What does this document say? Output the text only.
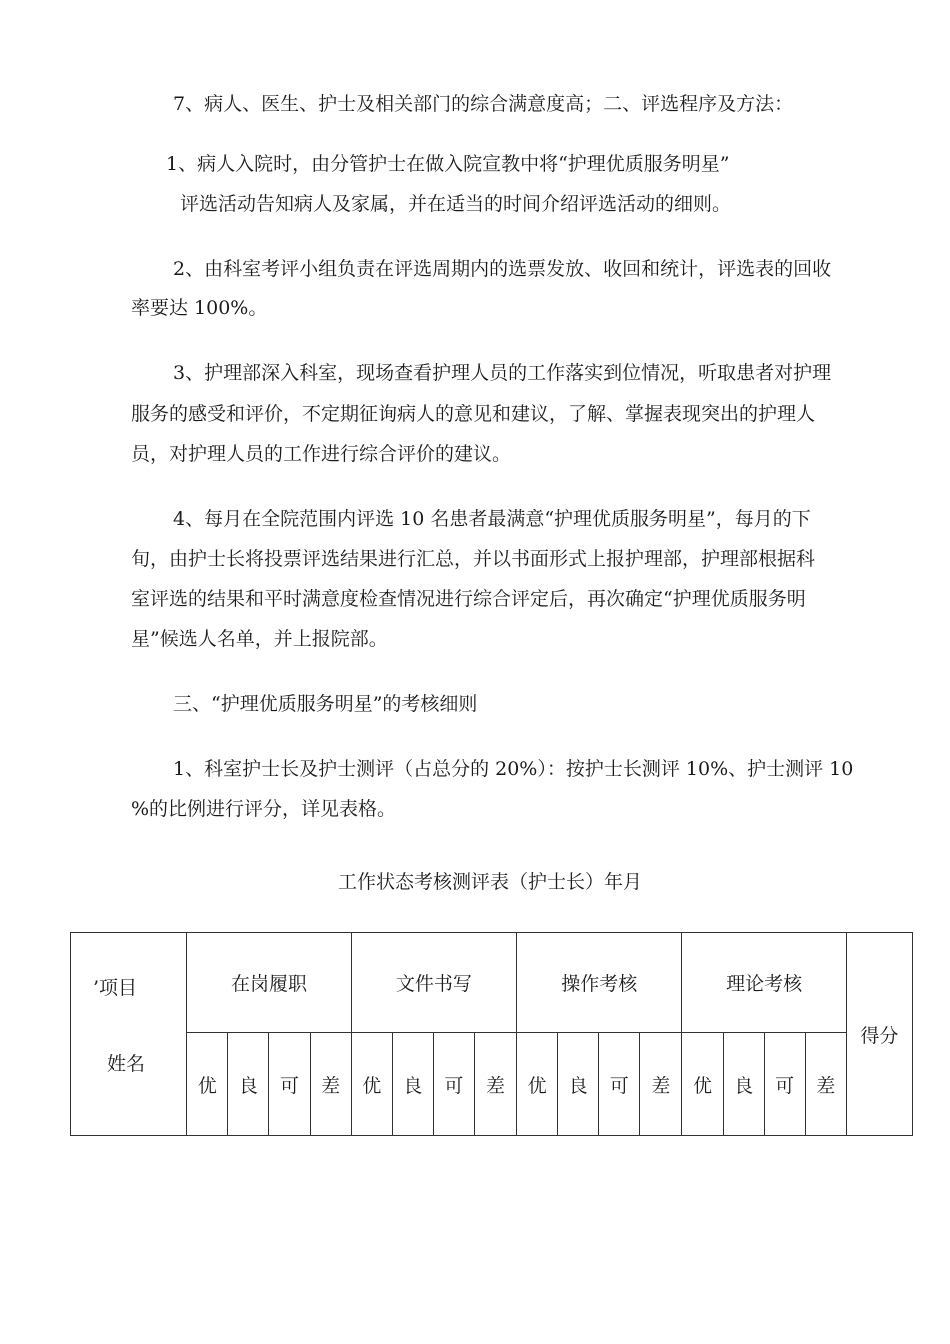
7、病人、医生、护士及相关部门的综合满意度高；二、评选程序及方法：
1、病人入院时，由分管护士在做入院宣教中将“护理优质服务明星”
评选活动告知病人及家属，并在适当的时间介绍评选活动的细则。
2、由科室考评小组负责在评选周期内的选票发放、收回和统计，评选表的回收
率要达 100%。
3、护理部深入科室，现场查看护理人员的工作落实到位情况，听取患者对护理
服务的感受和评价，不定期征询病人的意见和建议，了解、掌握表现突出的护理人
员，对护理人员的工作进行综合评价的建议。
4、每月在全院范围内评选 10 名患者最满意“护理优质服务明星”，每月的下
旬，由护士长将投票评选结果进行汇总，并以书面形式上报护理部，护理部根据科
室评选的结果和平时满意度检查情况进行综合评定后，再次确定“护理优质服务明
星”候选人名单，并上报院部。
三、“护理优质服务明星”的考核细则
1、科室护士长及护士测评（占总分的 20%）：按护士长测评 10%、护士测评 10
%的比例进行评分，详见表格。
工作状态考核测评表（护士长）年月
’项目
姓名	在岗履职				文件书写				操作考核				理论考核				得分
	优	良	可	差	优	良	可	差	优	良	可	差	优	良	可	差	
